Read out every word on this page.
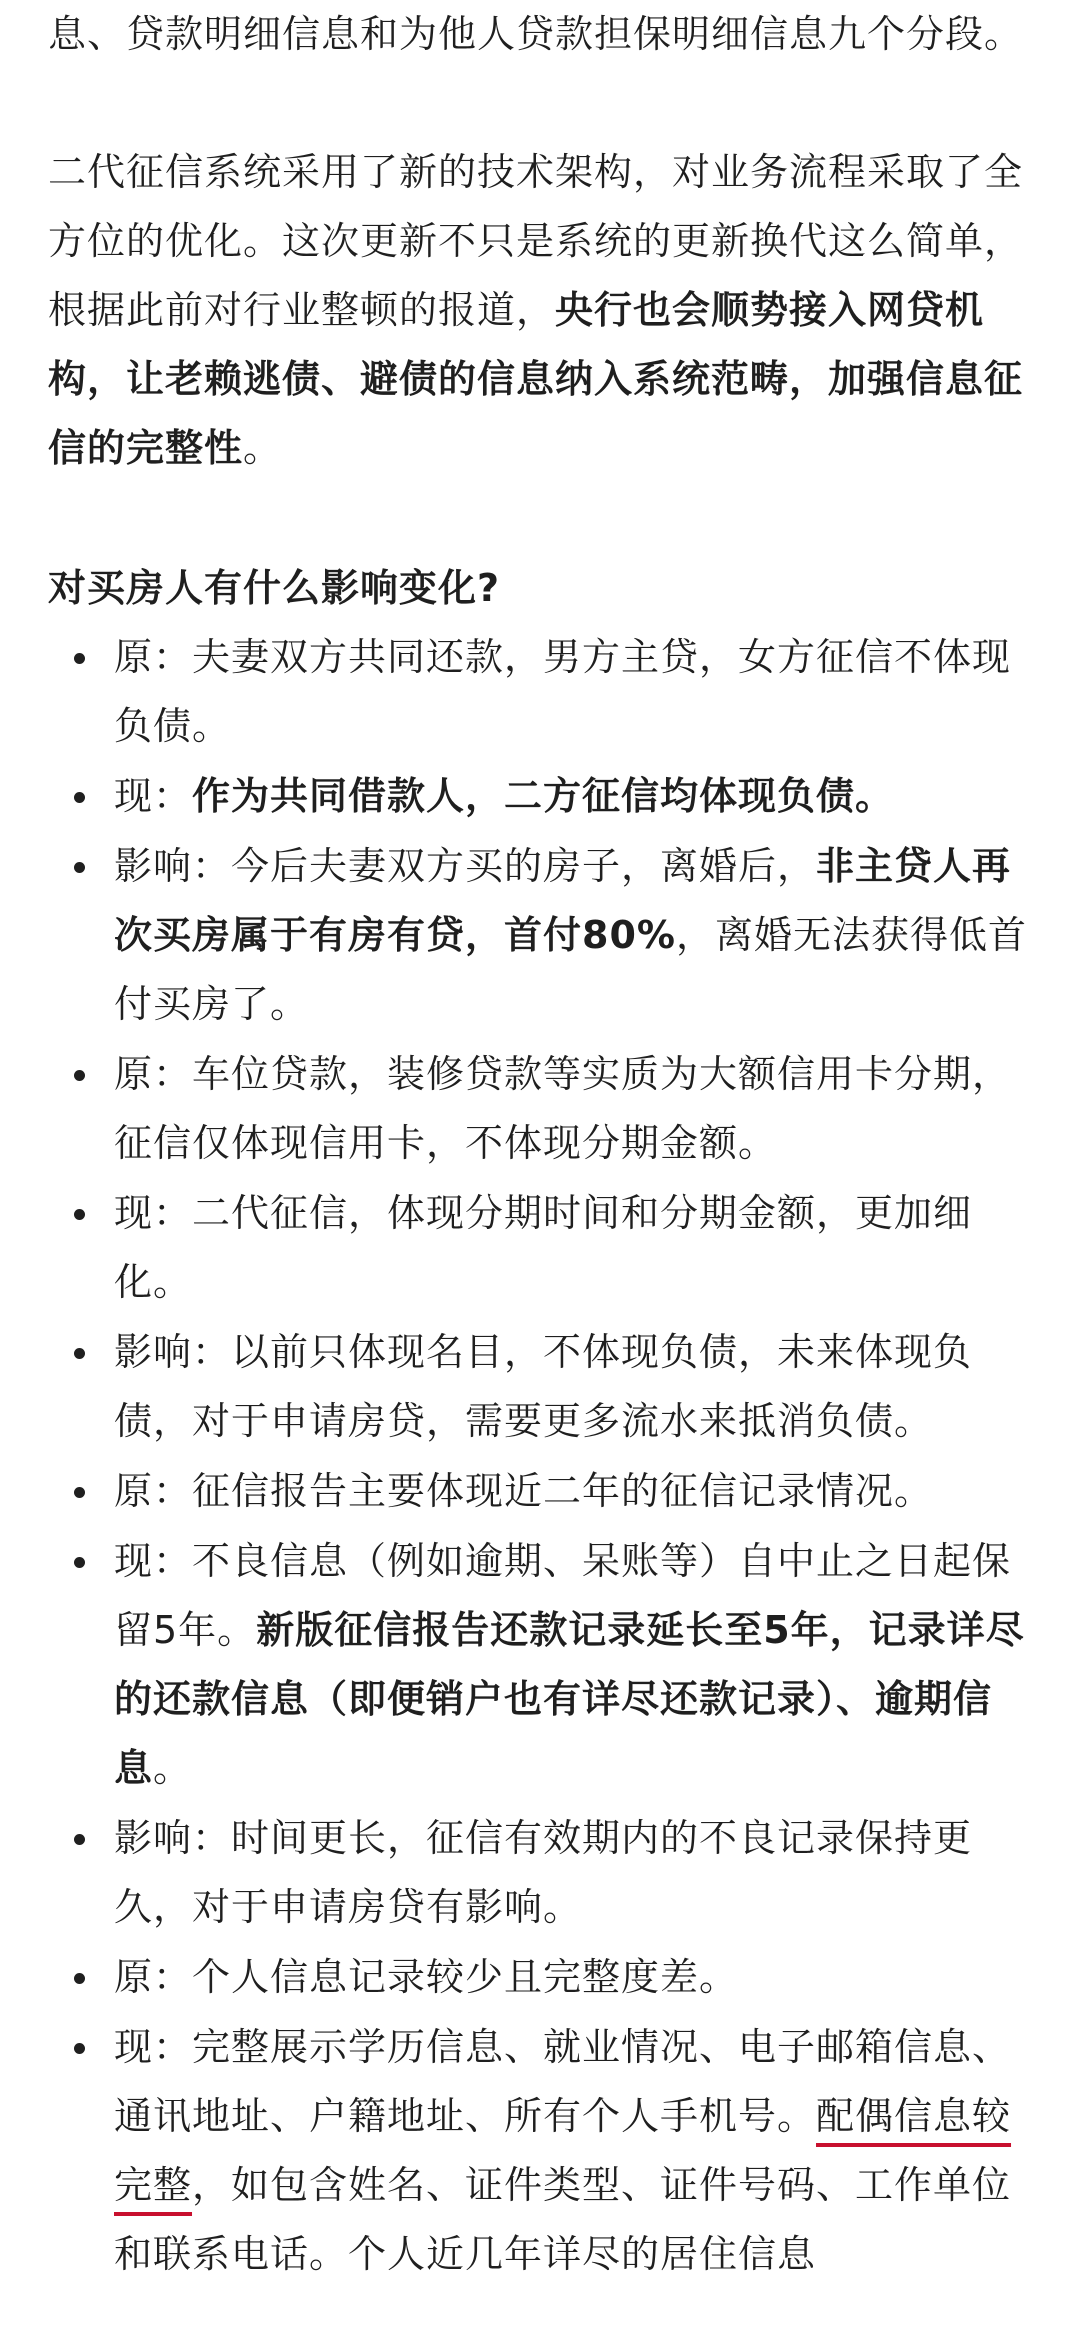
息、贷款明细信息和为他人贷款担保明细信息九个分段。

二代征信系统采用了新的技术架构，对业务流程采取了全方位的优化。这次更新不只是系统的更新换代这么简单，根据此前对行业整顿的报道，央行也会顺势接入网贷机构，让老赖逃债、避债的信息纳入系统范畴，加强信息征信的完整性。

对买房人有什么影响变化?

原：夫妻双方共同还款，男方主贷，女方征信不体现负债。
现：作为共同借款人，二方征信均体现负债。
影响：今后夫妻双方买的房子，离婚后，非主贷人再次买房属于有房有贷，首付80%，离婚无法获得低首付买房了。
原：车位贷款，装修贷款等实质为大额信用卡分期，征信仅体现信用卡，不体现分期金额。
现：二代征信，体现分期时间和分期金额，更加细化。
影响：以前只体现名目，不体现负债，未来体现负债，对于申请房贷，需要更多流水来抵消负债。
原：征信报告主要体现近二年的征信记录情况。
现：不良信息（例如逾期、呆账等）自中止之日起保留5年。新版征信报告还款记录延长至5年，记录详尽的还款信息（即便销户也有详尽还款记录）、逾期信息。
影响：时间更长，征信有效期内的不良记录保持更久，对于申请房贷有影响。
原：个人信息记录较少且完整度差。
现：完整展示学历信息、就业情况、电子邮箱信息、通讯地址、户籍地址、所有个人手机号。配偶信息较完整，如包含姓名、证件类型、证件号码、工作单位和联系电话。个人近几年详尽的居住信息
